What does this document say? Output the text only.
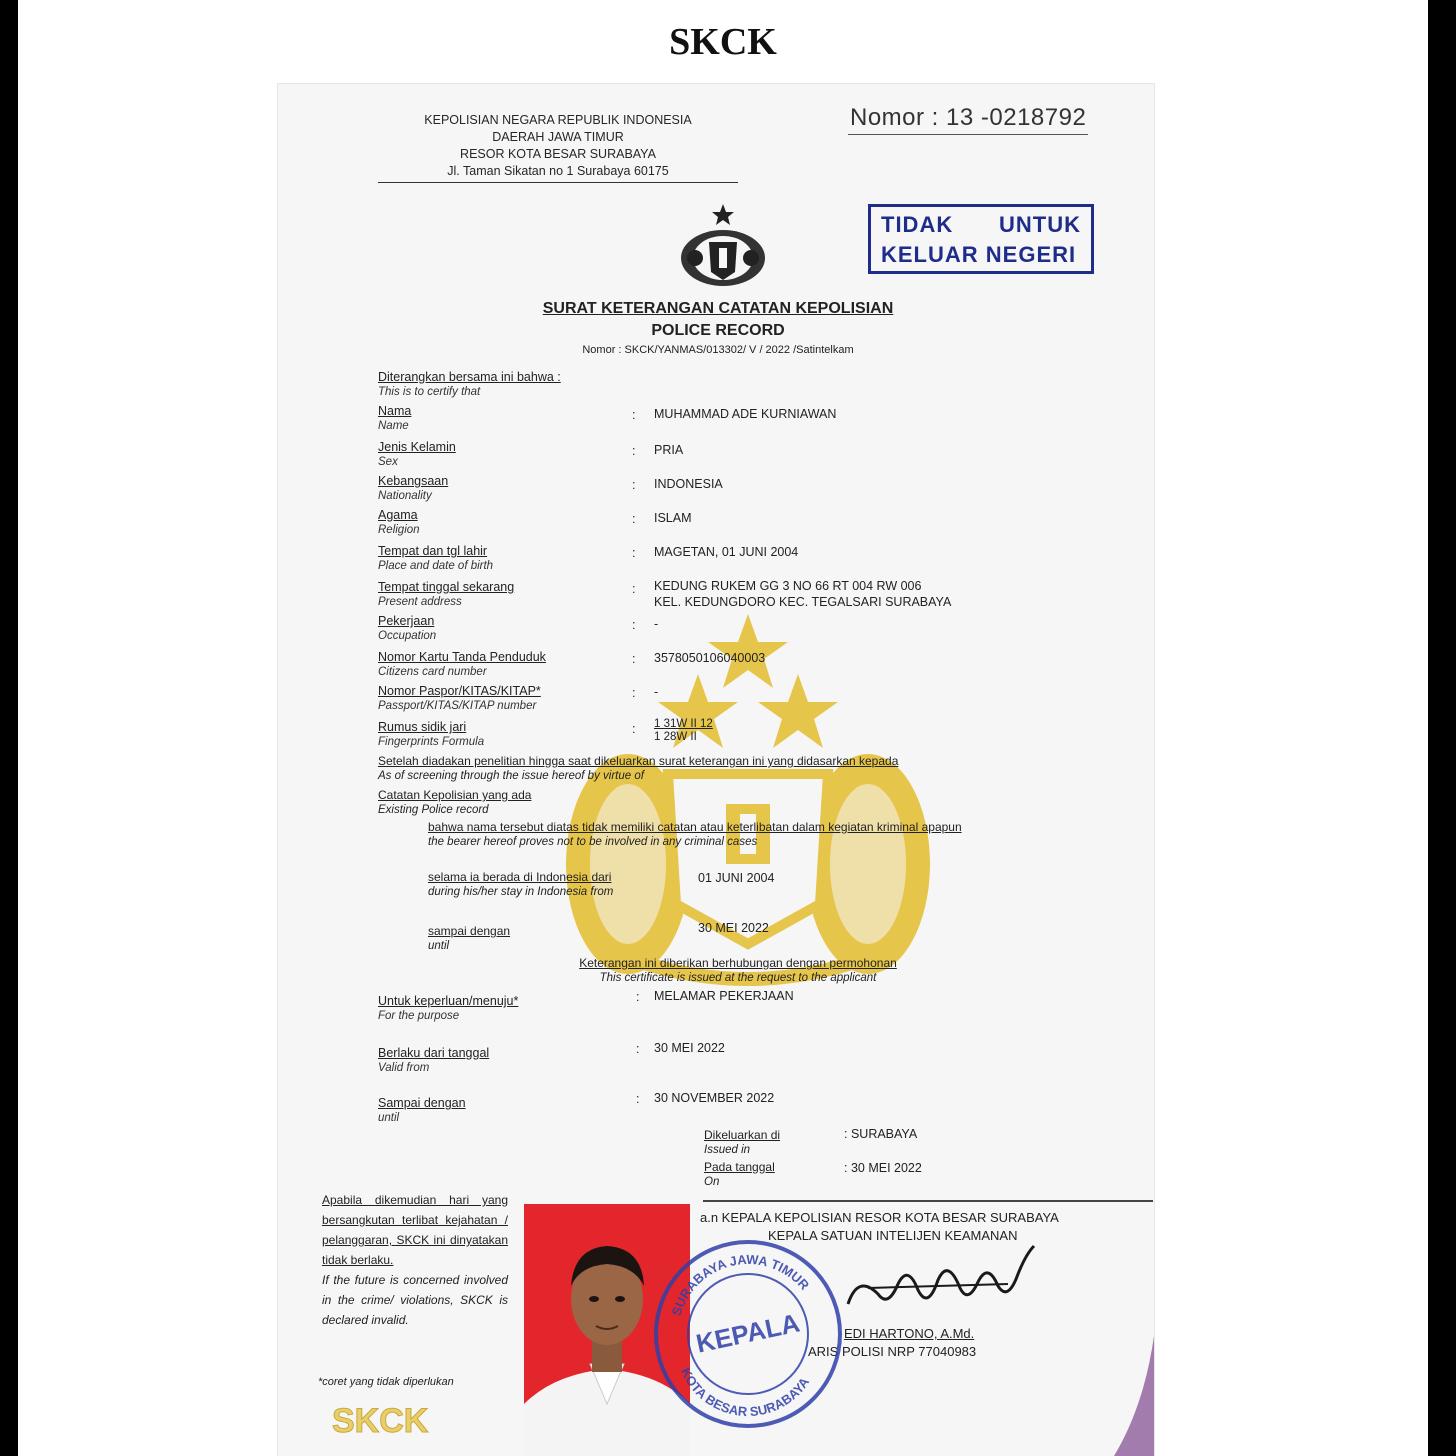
SKCK
KEPOLISIAN NEGARA REPUBLIK INDONESIA
DAERAH JAWA TIMUR
RESOR KOTA BESAR SURABAYA
Jl. Taman Sikatan no 1 Surabaya 60175
Nomor : 13 -0218792
TIDAK UNTUK
KELUAR NEGERI
SURAT KETERANGAN CATATAN KEPOLISIAN
POLICE RECORD
Nomor : SKCK/YANMAS/013302/ V / 2022 /Satintelkam
Diterangkan bersama ini bahwa :
This is to certify that
Nama
Name
: MUHAMMAD ADE KURNIAWAN
Jenis Kelamin
Sex
: PRIA
Kebangsaan
Nationality
: INDONESIA
Agama
Religion
: ISLAM
Tempat dan tgl lahir
Place and date of birth
: MAGETAN, 01 JUNI 2004
Tempat tinggal sekarang
Present address
: KEDUNG RUKEM GG 3 NO 66 RT 004 RW 006
KEL. KEDUNGDORO KEC. TEGALSARI SURABAYA
Pekerjaan
Occupation
: -
Nomor Kartu Tanda Penduduk
Citizens card number
: 3578050106040003
Nomor Paspor/KITAS/KITAP*
Passport/KITAS/KITAP number
: -
Rumus sidik jari
Fingerprints Formula
: 1 31W II 12
1 28W II
Setelah diadakan penelitian hingga saat dikeluarkan surat keterangan ini yang didasarkan kepada
As of screening through the issue hereof by virtue of
Catatan Kepolisian yang ada
Existing Police record
bahwa nama tersebut diatas tidak memiliki catatan atau keterlibatan dalam kegiatan kriminal apapun
the bearer hereof proves not to be involved in any criminal cases
selama ia berada di Indonesia dari
during his/her stay in Indonesia from
01 JUNI 2004
sampai dengan
until
30 MEI 2022
Keterangan ini diberikan berhubungan dengan permohonan
This certificate is issued at the request to the applicant
Untuk keperluan/menuju*
For the purpose
: MELAMAR PEKERJAAN
Berlaku dari tanggal
Valid from
: 30 MEI 2022
Sampai dengan
until
: 30 NOVEMBER 2022
Dikeluarkan di
Issued in
: SURABAYA
Pada tanggal
On
: 30 MEI 2022
Apabila dikemudian hari yang bersangkutan terlibat kejahatan / pelanggaran, SKCK ini dinyatakan tidak berlaku.
If the future is concerned involved in the crime/ violations, SKCK is declared invalid.
*coret yang tidak diperlukan
SKCK
a.n KEPALA KEPOLISIAN RESOR KOTA BESAR SURABAYA
KEPALA SATUAN INTELIJEN KEAMANAN
EDI HARTONO, A.Md.
ARIS POLISI NRP 77040983
SURABAYA JAWA TIMUR
KOTA BESAR SURABAYA
KEPALA
